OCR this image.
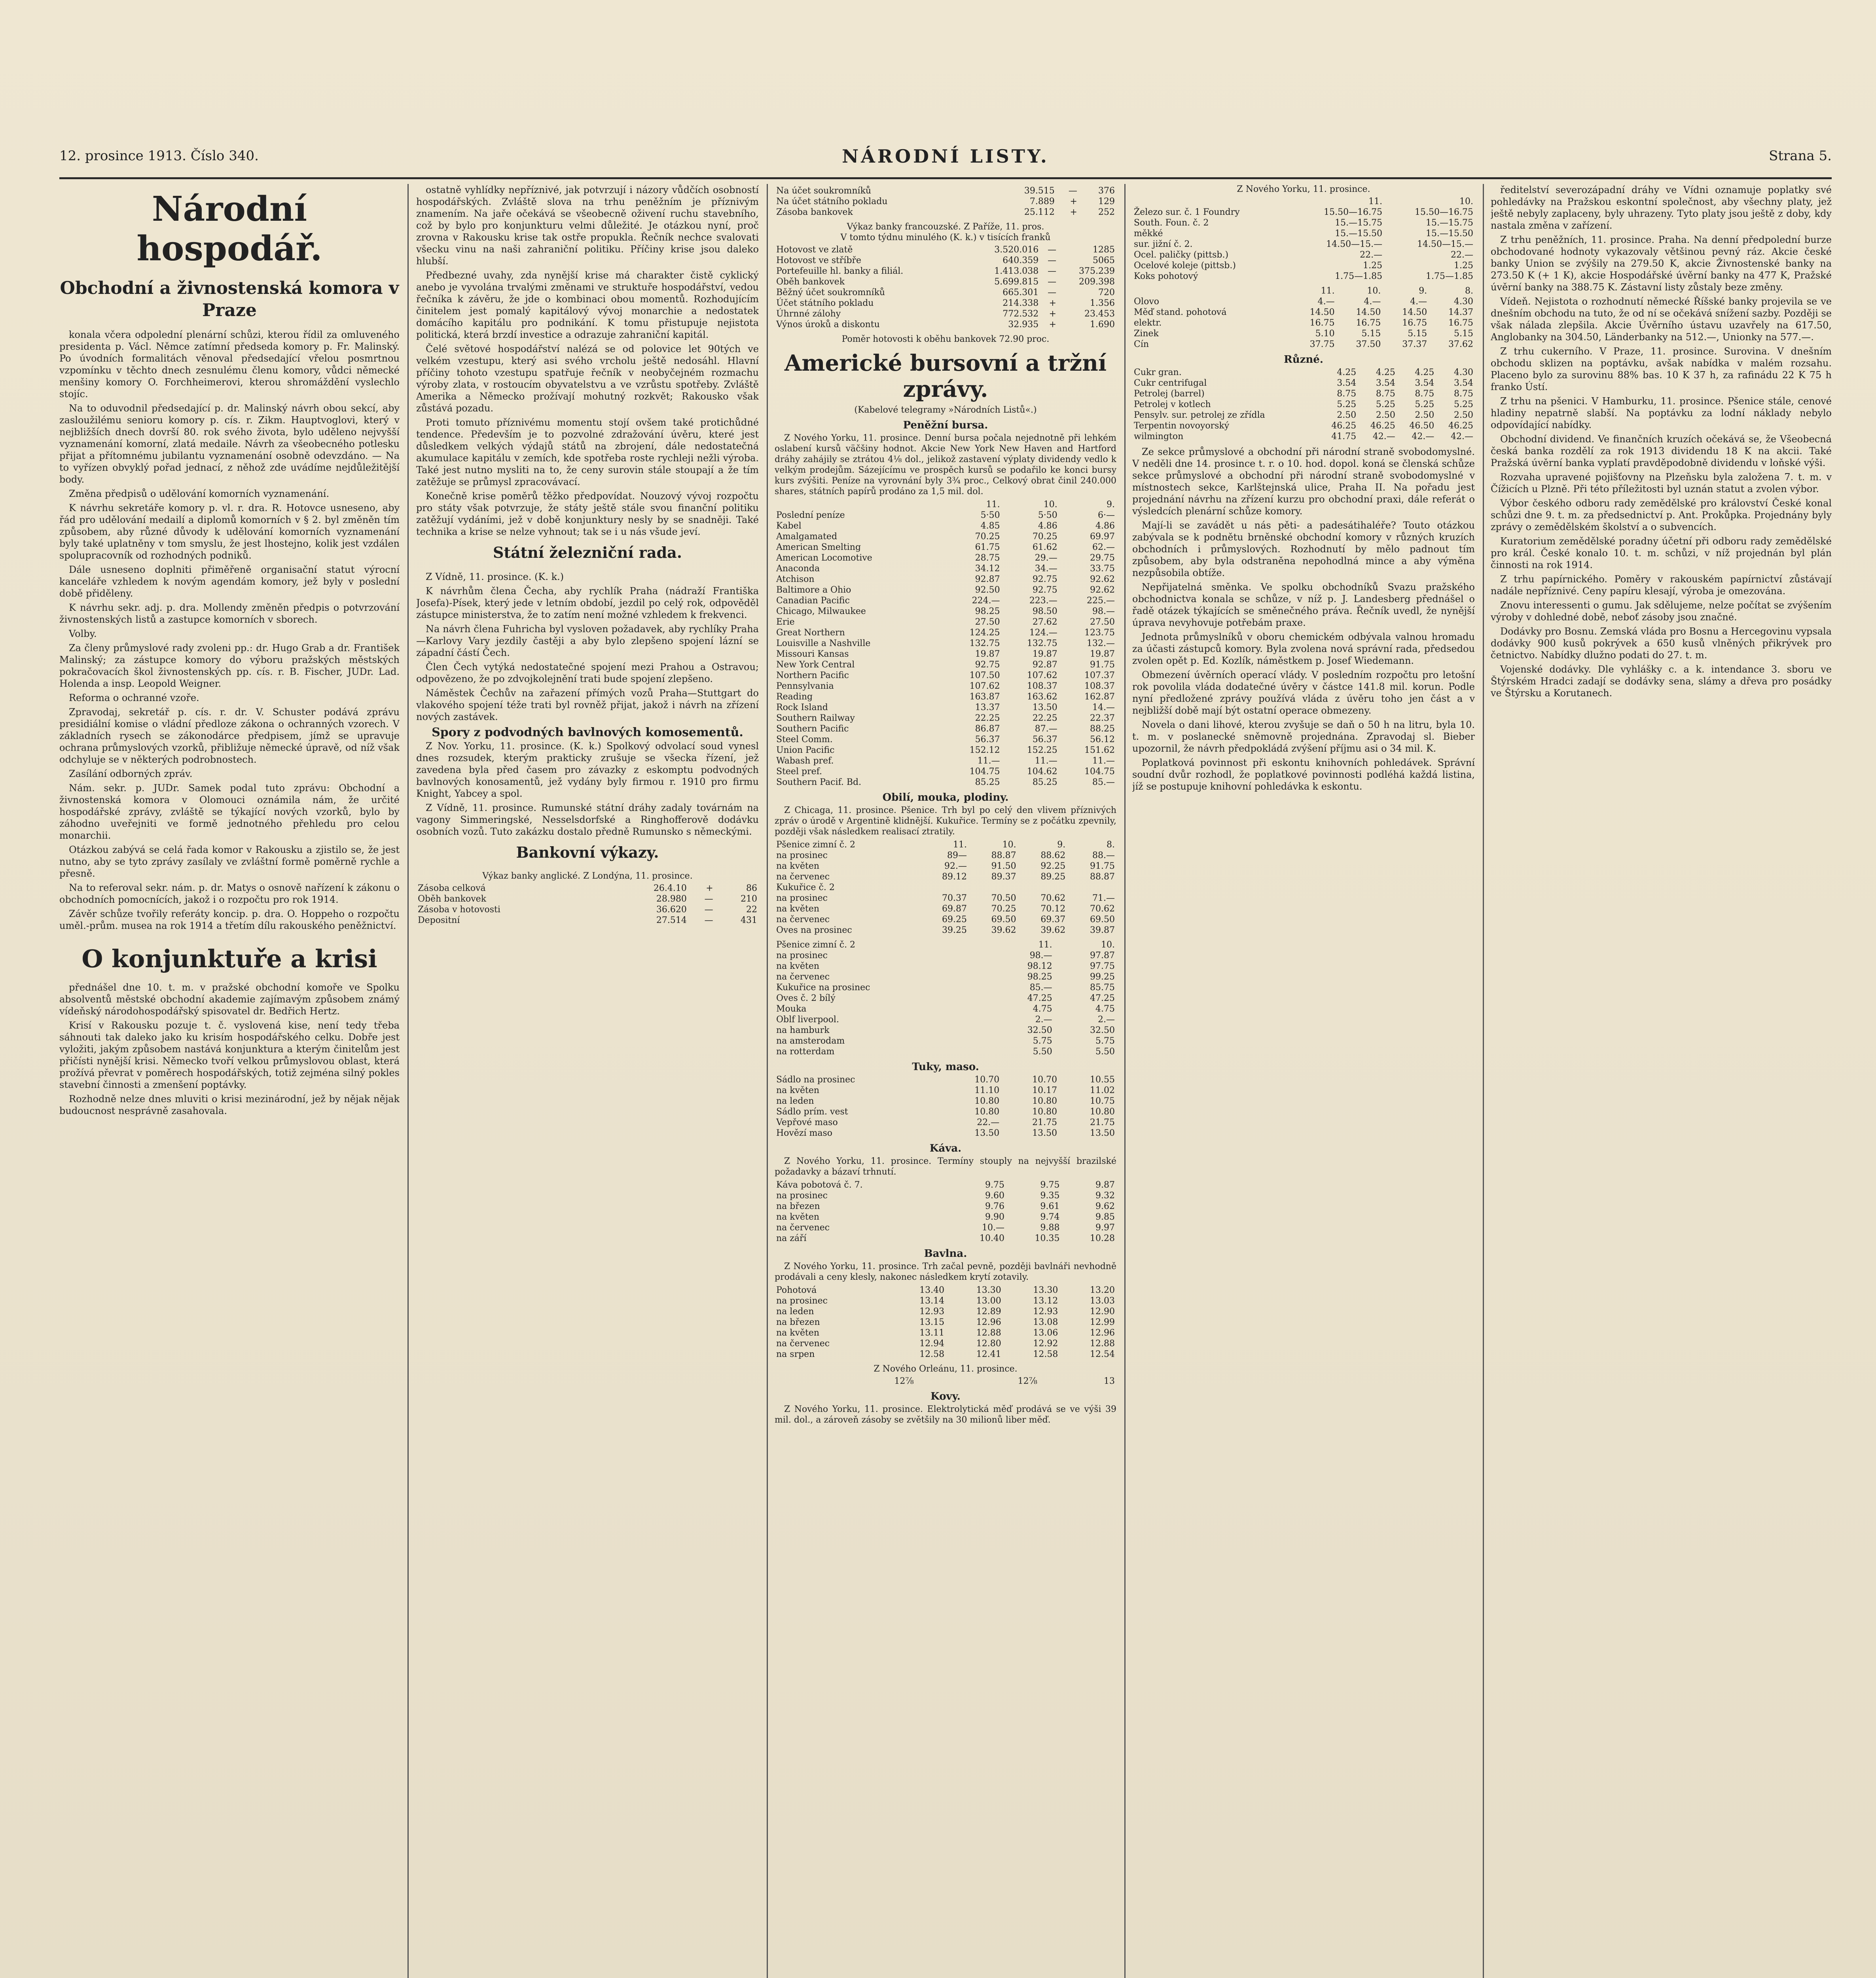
12. prosince 1913. Číslo 340.	NÁRODNÍ LISTY.	Strana 5.
Národní hospodář.
Obchodní a živnostenská komora v Praze

konala včera odpolední plenární schůzi, kterou řídil za omluveného presidenta p. Václ. Němce zatímní předseda komory p. Fr. Malinský. Po úvodních formalitách věnoval předsedající vřelou posmrtnou vzpomínku v těchto dnech zesnulému členu komory, vůdci německé menšiny komory O. Forchheimerovi, kterou shromáždění vyslechlo stojíc.

Na to oduvodnil předsedající p. dr. Malinský návrh obou sekcí, aby zasloužilému senioru komory p. cís. r. Zikm. Hauptvoglovi, který v nejbližších dnech dovrší 80. rok svého života, bylo uděleno nejvyšší vyznamenání komorní, zlatá medaile. Návrh za všeobecného potlesku přijat a přítomnému jubilantu vyznamenání osobně odevzdáno. — Na to vyřízen obvyklý pořad jednací, z něhož zde uvádíme nejdůležitější body.

Změna předpisů o udělování komorních vyznamenání.

K návrhu sekretáře komory p. vl. r. dra. R. Hotovce usneseno, aby řád pro udělování medailí a diplomů komorních v § 2. byl změněn tím způsobem, aby různé důvody k udělování komorních vyznamenání byly také uplatněny v tom smyslu, že jest lhostejno, kolik jest vzdálen spolupracovník od rozhodných podniků.

Dále usneseno doplniti přiměřeně organisační statut výrocní kanceláře vzhledem k novým agendám komory, jež byly v poslední době přiděleny.

K návrhu sekr. adj. p. dra. Mollendy změněn předpis o potvrzování živnostenských listů a zastupce komorních v sborech.

Volby.

Za členy průmyslové rady zvoleni pp.: dr. Hugo Grab a dr. František Malinský; za zástupce komory do výboru pražských městských pokračovacích škol živnostenských pp. cís. r. B. Fischer, JUDr. Lad. Holenda a insp. Leopold Weigner.

Reforma o ochranné vzoře.

Zpravodaj, sekretář p. cís. r. dr. V. Schuster podává zprávu presidiální komise o vládní předloze zákona o ochranných vzorech. V základních rysech se zákonodárce předpisem, jímž se upravuje ochrana průmyslových vzorků, přibližuje německé úpravě, od níž však odchyluje se v některých podrobnostech.

Zasílání odborných zpráv.

Nám. sekr. p. JUDr. Samek podal tuto zprávu: Obchodní a živnostenská komora v Olomouci oznámila nám, že určité hospodářské zprávy, zvláště se týkající nových vzorků, bylo by záhodno uveřejniti ve formě jednotného přehledu pro celou monarchii.

Otázkou zabývá se celá řada komor v Rakousku a zjistilo se, že jest nutno, aby se tyto zprávy zasílaly ve zvláštní formě poměrně rychle a přesně.

Na to referoval sekr. nám. p. dr. Matys o osnově nařízení k zákonu o obchodních pomocnících, jakož i o rozpočtu pro rok 1914.

Závěr schůze tvořily referáty koncip. p. dra. O. Hoppeho o rozpočtu uměl.-prům. musea na rok 1914 a třetím dílu rakouského peněžnictví.

O konjunktuře a krisi

přednášel dne 10. t. m. v pražské obchodní komoře ve Spolku absolventů městské obchodní akademie zajímavým způsobem známý vídeňský národohospodářský spisovatel dr. Bedřich Hertz.

Krisí v Rakousku pozuje t. č. vyslovená kise, není tedy třeba sáhnouti tak daleko jako ku krisím hospodářského celku. Dobře jest vyložiti, jakým způsobem nastává konjunktura a kterým činitelům jest přičísti nynější krisi. Německo tvoří velkou průmyslovou oblast, která prožívá převrat v poměrech hospodářských, totiž zejména silný pokles stavební činnosti a zmenšení poptávky.

Rozhodně nelze dnes mluviti o krisi mezinárodní, jež by nějak nějak budoucnost nesprávně zasahovala.

ostatně vyhlídky nepříznivé, jak potvrzují i názory vůdčích osobností hospodářských. Zvláště slova na trhu peněžním je příznivým znamením. Na jaře očekává se všeobecně oživení ruchu stavebního, což by bylo pro konjunkturu velmi důležité. Je otázkou nyní, proč zrovna v Rakousku krise tak ostře propukla. Řečník nechce svalovati všecku vinu na naši zahraniční politiku. Příčiny krise jsou daleko hlubší.

Předbezné uvahy, zda nynější krise má charakter čistě cyklický anebo je vyvolána trvalými změnami ve struktuře hospodářství, vedou řečníka k závěru, že jde o kombinaci obou momentů. Rozhodujícím činitelem jest pomalý kapitálový vývoj monarchie a nedostatek domácího kapitálu pro podnikání. K tomu přistupuje nejistota politická, která brzdí investice a odrazuje zahraniční kapitál.

Čelé světové hospodářství nalézá se od polovice let 90tých ve velkém vzestupu, který asi svého vrcholu ještě nedosáhl. Hlavní příčiny tohoto vzestupu spatřuje řečník v neobyčejném rozmachu výroby zlata, v rostoucím obyvatelstvu a ve vzrůstu spotřeby. Zvláště Amerika a Německo prožívají mohutný rozkvět; Rakousko však zůstává pozadu.

Proti tomuto příznivému momentu stojí ovšem také protichůdné tendence. Především je to pozvolné zdražování úvěru, které jest důsledkem velkých výdajů států na zbrojení, dále nedostatečná akumulace kapitálu v zemích, kde spotřeba roste rychleji nežli výroba. Také jest nutno mysliti na to, že ceny surovin stále stoupají a že tím zatěžuje se průmysl zpracovávací.

Konečně krise poměrů těžko předpovídat. Nouzový vývoj rozpočtu pro státy však potvrzuje, že státy ještě stále svou finanční politiku zatěžují vydáními, jež v době konjunktury nesly by se snadněji. Také technika a krise se nelze vyhnout; tak se i u nás všude jeví.

Státní železniční rada.

Z Vídně, 11. prosince. (K. k.)

K návrhům člena Čecha, aby rychlík Praha (nádraží Františka Josefa)-Písek, který jede v letním období, jezdil po celý rok, odpověděl zástupce ministerstva, že to zatím není možné vzhledem k frekvenci.

Na návrh člena Fuhricha byl vysloven požadavek, aby rychlíky Praha—Karlovy Vary jezdily častěji a aby bylo zlepšeno spojení lázní se západní částí Čech.

Člen Čech vytýká nedostatečné spojení mezi Prahou a Ostravou; odpovězeno, že po zdvojkolejnění trati bude spojení zlepšeno.

Náměstek Čechův na zařazení přímých vozů Praha—Stuttgart do vlakového spojení téže trati byl rovněž přijat, jakož i návrh na zřízení nových zastávek.

Spory z podvodných bavlnových komosementů.

Z Nov. Yorku, 11. prosince. (K. k.) Spolkový odvolací soud vynesl dnes rozsudek, kterým prakticky zrušuje se všecka řízení, jež zavedena byla před časem pro závazky z eskomptu podvodných bavlnových konosamentů, jež vydány byly firmou r. 1910 pro firmu Knight, Yabcey a spol.

Z Vídně, 11. prosince. Rumunské státní dráhy zadaly továrnám na vagony Simmeringské, Nesselsdorfské a Ringhofferově dodávku osobních vozů. Tuto zakázku dostalo předně Rumunsko s německými.

Bankovní výkazy.
Výkaz banky anglické. Z Londýna, 11. prosince.
Zásoba celková	26.4.10	+	86
Oběh bankovek	28.980	—	210
Zásoba v hotovosti	36.620	—	22
Depositní	27.514	—	431
Na účet soukromníků	39.515	—	376
Na účet státního pokladu	7.889	+	129
Zásoba bankovek	25.112	+	252
Výkaz banky francouzské. Z Paříže, 11. pros.
V tomto týdnu minulého (K. k.) v tisících franků
Hotovost ve zlatě	3.520.016	—	1285
Hotovost ve stříbře	640.359	—	5065
Portefeuille hl. banky a filiál.	1.413.038	—	375.239
Oběh bankovek	5.699.815	—	209.398
Běžný účet soukromníků	665.301	—	720
Účet státního pokladu	214.338	+	1.356
Úhrnné zálohy	772.532	+	23.453
Výnos úroků a diskontu	32.935	+	1.690
Poměr hotovosti k oběhu bankovek 72.90 proc.
Americké bursovní a tržní zprávy.
(Kabelové telegramy »Národních Listů«.)
Peněžní bursa.

Z Nového Yorku, 11. prosince. Denní bursa počala nejednotně při lehkém oslabení kursů väčšiny hodnot. Akcie New York New Haven and Hartford dráhy zahájily se ztrátou 4⅛ dol., jelikož zastavení výplaty dividendy vedlo k velkým prodejům. Sázejícímu ve prospěch kursů se podařilo ke konci bursy kurs zvýšiti. Peníze na vyrovnání byly 3¾ proc., Celkový obrat činil 240.000 shares, státních papírů prodáno za 1,5 mil. dol.

	11.	10.	9.
Poslední peníze	5·50	5·50	6·—
Kabel	4.85	4.86	4.86
Amalgamated	70.25	70.25	69.97
American Smelting	61.75	61.62	62.—
American Locomotive	28.75	29.—	29.75
Anaconda	34.12	34.—	33.75
Atchison	92.87	92.75	92.62
Baltimore a Ohio	92.50	92.75	92.62
Canadian Pacific	224.—	223.—	225.—
Chicago, Milwaukee	98.25	98.50	98.—
Erie	27.50	27.62	27.50
Great Northern	124.25	124.—	123.75
Louisville a Nashville	132.75	132.75	132.—
Missouri Kansas	19.87	19.87	19.87
New York Central	92.75	92.87	91.75
Northern Pacific	107.50	107.62	107.37
Pennsylvania	107.62	108.37	108.37
Reading	163.87	163.62	162.87
Rock Island	13.37	13.50	14.—
Southern Railway	22.25	22.25	22.37
Southern Pacific	86.87	87.—	88.25
Steel Comm.	56.37	56.37	56.12
Union Pacific	152.12	152.25	151.62
Wabash pref.	11.—	11.—	11.—
Steel pref.	104.75	104.62	104.75
Southern Pacif. Bd.	85.25	85.25	85.—
Obilí, mouka, plodiny.

Z Chicaga, 11. prosince. Pšenice. Trh byl po celý den vlivem příznivých zpráv o úrodě v Argentině klidnější. Kukuřice. Termíny se z počátku zpevnily, později však následkem realisací ztratily.

Pšenice zimní č. 2	11.	10.	9.	8.
na prosinec	89—	88.87	88.62	88.—
na květen	92.—	91.50	92.25	91.75
na červenec	89.12	89.37	89.25	88.87
Kukuřice č. 2				
na prosinec	70.37	70.50	70.62	71.—
na květen	69.87	70.25	70.12	70.62
na červenec	69.25	69.50	69.37	69.50
Oves na prosinec	39.25	39.62	39.62	39.87
Pšenice zimní č. 2	11.	10.
na prosinec	98.—	97.87
na květen	98.12	97.75
na červenec	98.25	99.25
Kukuřice na prosinec	85.—	85.75
Oves č. 2 bílý	47.25	47.25
Mouka	4.75	4.75
Oblf liverpool.	2.—	2.—
na hamburk	32.50	32.50
na amsterodam	5.75	5.75
na rotterdam	5.50	5.50
Tuky, maso.
Sádlo na prosinec	10.70	10.70	10.55
na květen	11.10	10.17	11.02
na leden	10.80	10.80	10.75
Sádlo prím. vest	10.80	10.80	10.80
Vepřové maso	22.—	21.75	21.75
Hovězí maso	13.50	13.50	13.50
Káva.

Z Nového Yorku, 11. prosince. Termíny stouply na nejvyšší brazilské požadavky a bázaví trhnutí.

Káva pobotová č. 7.	9.75	9.75	9.87
na prosinec	9.60	9.35	9.32
na březen	9.76	9.61	9.62
na květen	9.90	9.74	9.85
na červenec	10.—	9.88	9.97
na září	10.40	10.35	10.28
Bavlna.

Z Nového Yorku, 11. prosince. Trh začal pevně, později bavlnáři nevhodně prodávali a ceny klesly, nakonec následkem krytí zotavily.

Pohotová	13.40	13.30	13.30	13.20
na prosinec	13.14	13.00	13.12	13.03
na leden	12.93	12.89	12.93	12.90
na březen	13.15	12.96	13.08	12.99
na květen	13.11	12.88	13.06	12.96
na červenec	12.94	12.80	12.92	12.88
na srpen	12.58	12.41	12.58	12.54
Z Nového Orleánu, 11. prosince.
	12⅞	12⅞	13
Kovy.

Z Nového Yorku, 11. prosince. Elektrolytická měď prodává se ve výši 39 mil. dol., a zároveň zásoby se zvětšily na 30 milionů liber měď.

Z Nového Yorku, 11. prosince.
	11.	10.
Železo sur. č. 1 Foundry	15.50—16.75	15.50—16.75
South. Foun. č. 2	15.—15.75	15.—15.75
měkké	15.—15.50	15.—15.50
sur. jižní č. 2.	14.50—15.—	14.50—15.—
Ocel. paličky (pittsb.)	22.—	22.—
Ocelové koleje (pittsb.)	1.25	1.25
Koks pohotový	1.75—1.85	1.75—1.85
	11.	10.	9.	8.
Olovo	4.—	4.—	4.—	4.30
Měď stand. pohotová	14.50	14.50	14.50	14.37
elektr.	16.75	16.75	16.75	16.75
Zinek	5.10	5.15	5.15	5.15
Cín	37.75	37.50	37.37	37.62
Různé.
Cukr gran.	4.25	4.25	4.25	4.30
Cukr centrifugal	3.54	3.54	3.54	3.54
Petrolej (barrel)	8.75	8.75	8.75	8.75
Petrolej v kotlech	5.25	5.25	5.25	5.25
Pensylv. sur. petrolej ze zřídla	2.50	2.50	2.50	2.50
Terpentin novoyorský	46.25	46.25	46.50	46.25
wilmington	41.75	42.—	42.—	42.—

Ze sekce průmyslové a obchodní při národní straně svobodomyslné. V neděli dne 14. prosince t. r. o 10. hod. dopol. koná se členská schůze sekce průmyslové a obchodní při národní straně svobodomyslné v místnostech sekce, Karlštejnská ulice, Praha II. Na pořadu jest projednání návrhu na zřízení kurzu pro obchodní praxi, dále referát o výsledcích plenární schůze komory.

Mají-li se zavádět u nás pěti- a padesátihaléře? Touto otázkou zabývala se k podnětu brněnské obchodní komory v různých kruzích obchodních i průmyslových. Rozhodnutí by mělo padnout tím způsobem, aby byla odstraněna nepohodlná mince a aby výměna nezpůsobila obtíže.

Nepřijatelná směnka. Ve spolku obchodníků Svazu pražského obchodnictva konala se schůze, v níž p. J. Landesberg přednášel o řadě otázek týkajících se směnečného práva. Řečník uvedl, že nynější úprava nevyhovuje potřebám praxe.

Jednota průmyslníků v oboru chemickém odbývala valnou hromadu za účasti zástupců komory. Byla zvolena nová správní rada, předsedou zvolen opět p. Ed. Kozlík, náměstkem p. Josef Wiedemann.

Obmezení úvěrních operací vlády. V posledním rozpočtu pro letošní rok povolila vláda dodatečné úvěry v částce 141.8 mil. korun. Podle nyní předložené zprávy používá vláda z úvěru toho jen část a v nejbližší době mají být ostatní operace obmezeny.

Novela o dani lihové, kterou zvyšuje se daň o 50 h na litru, byla 10. t. m. v poslanecké sněmovně projednána. Zpravodaj sl. Bieber upozornil, že návrh předpokládá zvýšení příjmu asi o 34 mil. K.

Poplatková povinnost při eskontu knihovních pohledávek. Správní soudní dvůr rozhodl, že poplatkové povinnosti podléhá každá listina, jíž se postupuje knihovní pohledávka k eskontu.

ředitelství severozápadní dráhy ve Vídni oznamuje poplatky své pohledávky na Pražskou eskontní společnost, aby všechny platy, jež ještě nebyly zaplaceny, byly uhrazeny. Tyto platy jsou ještě z doby, kdy nastala změna v zařízení.

Z trhu peněžních, 11. prosince. Praha. Na denní předpolední burze obchodované hodnoty vykazovaly většinou pevný ráz. Akcie české banky Union se zvýšily na 279.50 K, akcie Živnostenské banky na 273.50 K (+ 1 K), akcie Hospodářské úvěrní banky na 477 K, Pražské úvěrní banky na 388.75 K. Zástavní listy zůstaly beze změny.

Vídeň. Nejistota o rozhodnutí německé Říšské banky projevila se ve dnešním obchodu na tuto, že od ní se očekává snížení sazby. Později se však nálada zlepšila. Akcie Úvěrního ústavu uzavřely na 617.50, Anglobanky na 304.50, Länderbanky na 512.—, Unionky na 577.—.

Z trhu cukerního. V Praze, 11. prosince. Surovina. V dnešním obchodu sklizen na poptávku, avšak nabídka v malém rozsahu. Placeno bylo za surovinu 88% bas. 10 K 37 h, za rafinádu 22 K 75 h franko Ústí.

Z trhu na pšenici. V Hamburku, 11. prosince. Pšenice stále, cenové hladiny nepatrně slabší. Na poptávku za lodní náklady nebylo odpovídající nabídky.

Obchodní dividend. Ve finančních kruzích očekává se, že Všeobecná česká banka rozdělí za rok 1913 dividendu 18 K na akcii. Také Pražská úvěrní banka vyplatí pravděpodobně dividendu v loňské výši.

Rozvaha upravené pojišťovny na Plzeňsku byla založena 7. t. m. v Čížicích u Plzně. Při této příležitosti byl uznán statut a zvolen výbor.

Výbor českého odboru rady zemědělské pro království České konal schůzi dne 9. t. m. za předsednictví p. Ant. Prokůpka. Projednány byly zprávy o zemědělském školství a o subvencích.

Kuratorium zemědělské poradny účetní při odboru rady zemědělské pro král. České konalo 10. t. m. schůzi, v níž projednán byl plán činnosti na rok 1914.

Z trhu papírnického. Poměry v rakouském papírnictví zůstávají nadále nepříznivé. Ceny papíru klesají, výroba je omezována.

Znovu interessenti o gumu. Jak sdělujeme, nelze počítat se zvýšením výroby v dohledné době, neboť zásoby jsou značné.

Dodávky pro Bosnu. Zemská vláda pro Bosnu a Hercegovinu vypsala dodávky 900 kusů pokrývek a 650 kusů vlněných přikrývek pro četnictvo. Nabídky dlužno podati do 27. t. m.

Vojenské dodávky. Dle vyhlášky c. a k. intendance 3. sboru ve Štýrském Hradci zadají se dodávky sena, slámy a dřeva pro posádky ve Štýrsku a Korutanech.
